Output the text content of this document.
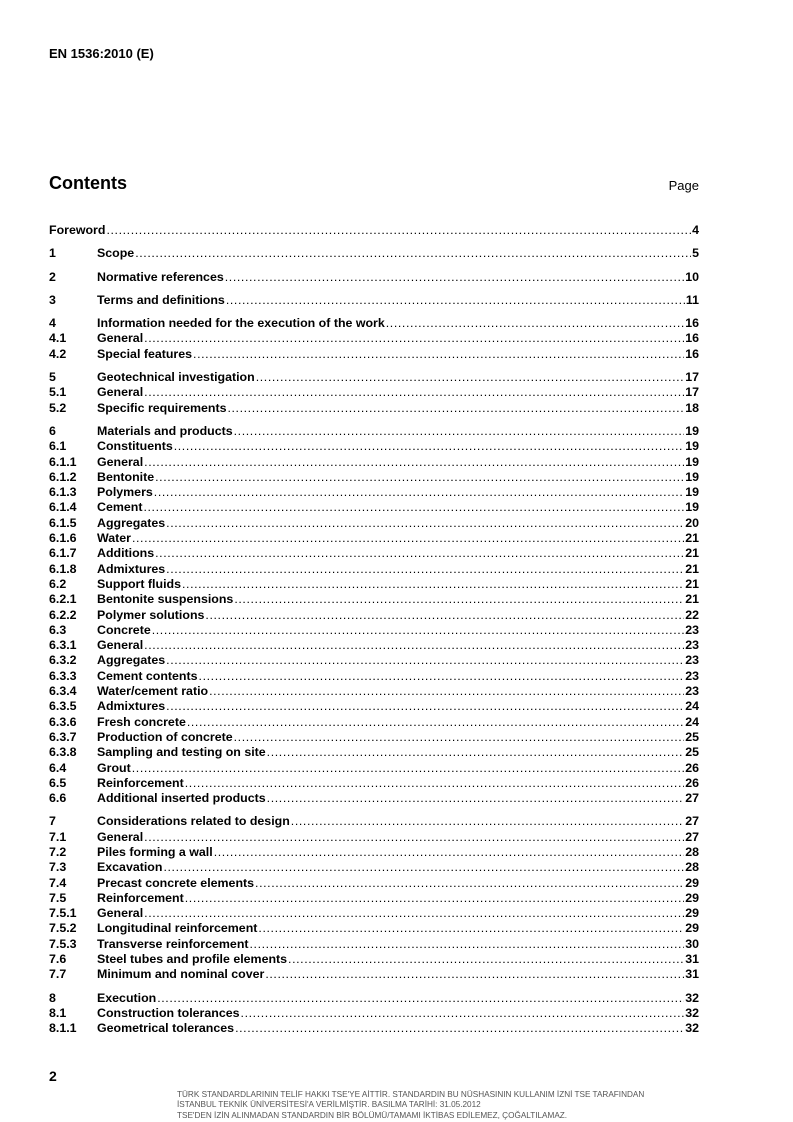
EN 1536:2010 (E)
Contents	Page
Foreword .....	4
1	Scope .....	5
2	Normative references .....	10
3	Terms and definitions .....	11
4	Information needed for the execution of the work .....	16
4.1	General .....	16
4.2	Special features .....	16
5	Geotechnical investigation .....	17
5.1	General .....	17
5.2	Specific requirements .....	18
6	Materials and products .....	19
6.1	Constituents .....	19
6.1.1	General .....	19
6.1.2	Bentonite .....	19
6.1.3	Polymers .....	19
6.1.4	Cement .....	19
6.1.5	Aggregates .....	20
6.1.6	Water .....	21
6.1.7	Additions .....	21
6.1.8	Admixtures .....	21
6.2	Support fluids .....	21
6.2.1	Bentonite suspensions .....	21
6.2.2	Polymer solutions .....	22
6.3	Concrete .....	23
6.3.1	General .....	23
6.3.2	Aggregates .....	23
6.3.3	Cement contents .....	23
6.3.4	Water/cement ratio .....	23
6.3.5	Admixtures .....	24
6.3.6	Fresh concrete .....	24
6.3.7	Production of concrete .....	25
6.3.8	Sampling and testing on site .....	25
6.4	Grout .....	26
6.5	Reinforcement .....	26
6.6	Additional inserted products .....	27
7	Considerations related to design .....	27
7.1	General .....	27
7.2	Piles forming a wall .....	28
7.3	Excavation .....	28
7.4	Precast concrete elements .....	29
7.5	Reinforcement .....	29
7.5.1	General .....	29
7.5.2	Longitudinal reinforcement .....	29
7.5.3	Transverse reinforcement .....	30
7.6	Steel tubes and profile elements .....	31
7.7	Minimum and nominal cover .....	31
8	Execution .....	32
8.1	Construction tolerances .....	32
8.1.1	Geometrical tolerances .....	32
2
TÜRK STANDARDLARININ TELİF HAKKI TSE'YE AİTTİR. STANDARDIN BU NÜSHASININ KULLANIM İZNİ TSE TARAFINDAN
İSTANBUL TEKNİK ÜNİVERSİTESİ'A VERİLMİŞTİR. BASILMA TARİHİ: 31.05.2012
TSE'DEN İZİN ALINMADAN STANDARDIN BİR BÖLÜMÜ/TAMAMI İKTİBAS EDİLEMEZ, ÇOĞALTILAMAZ.
